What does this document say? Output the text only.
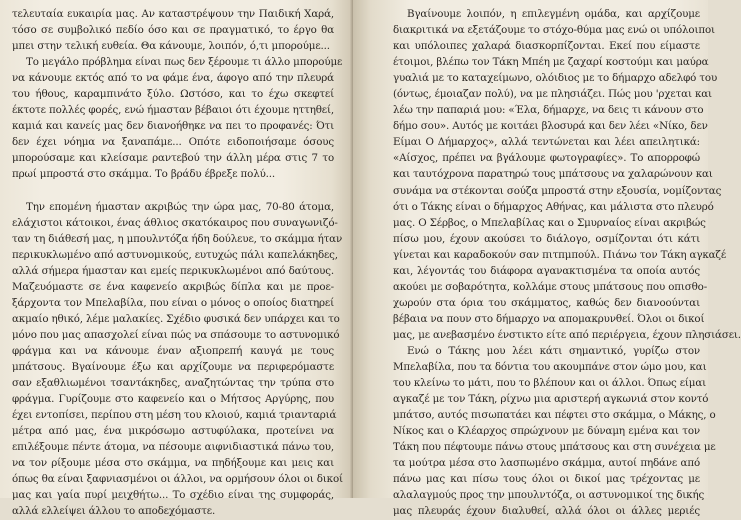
τελευταία ευκαιρία μας. Αν καταστρέψουν την Παιδική Χαρά,
τόσο σε συμβολικό πεδίο όσο και σε πραγματικό, το έργο θα
μπει στην τελική ευθεία. Θα κάνουμε, λοιπόν, ό,τι μπορούμε...
Το μεγάλο πρόβλημα είναι πως δεν ξέρουμε τι άλλο μπορούμε
να κάνουμε εκτός από το να φάμε ένα, άφογο από την πλευρά
του ήθους, καραμπινάτο ξύλο. Ωστόσο, και το έχω σκεφτεί
έκτοτε πολλές φορές, ενώ ήμασταν βέβαιοι ότι έχουμε ηττηθεί,
καμιά και κανείς μας δεν διανοήθηκε να πει το προφανές: Ότι
δεν έχει νόημα να ξαναπάμε... Οπότε ειδοποιήσαμε όσους
μπορούσαμε και κλείσαμε ραντεβού την άλλη μέρα στις 7 το
πρωί μπροστά στο σκάμμα. Το βράδυ έβρεξε πολύ...
Την επομένη ήμασταν ακριβώς την ώρα μας, 70-80 άτομα,
ελάχιστοι κάτοικοι, ένας άθλιος σκατόκαιρος που συναγωνιζό-
ταν τη διάθεσή μας, η μπουλντόζα ήδη δούλευε, το σκάμμα ήταν
περικυκλωμένο από αστυνομικούς, ευτυχώς πάλι καπελάκηδες,
αλλά σήμερα ήμασταν και εμείς περικυκλωμένοι από δαύτους.
Μαζευόμαστε σε ένα καφενείο ακριβώς δίπλα και με προε-
ξάρχοντα τον Μπελαβίλα, που είναι ο μόνος ο οποίος διατηρεί
ακμαίο ηθικό, λέμε μαλακίες. Σχέδιο φυσικά δεν υπάρχει και το
μόνο που μας απασχολεί είναι πώς να σπάσουμε το αστυνομικό
φράγμα και να κάνουμε έναν αξιοπρεπή καυγά με τους
μπάτσους. Βγαίνουμε έξω και αρχίζουμε να περιφερόμαστε
σαν εξαθλιωμένοι τσαντάκηδες, αναζητώντας την τρύπα στο
φράγμα. Γυρίζουμε στο καφενείο και ο Μήτσος Αργύρης, που
έχει εντοπίσει, περίπου στη μέση του κλοιού, καμιά τριανταριά
μέτρα από μας, ένα μικρόσωμο αστυφύλακα, προτείνει να
επιλέξουμε πέντε άτομα, να πέσουμε αιφνιδιαστικά πάνω του,
να τον ρίξουμε μέσα στο σκάμμα, να πηδήξουμε και μεις και
όπως θα είναι ξαφνιασμένοι οι άλλοι, να ορμήσουν όλοι οι δικοί
μας και γαία πυρί μειχθήτω... Το σχέδιο είναι της συμφοράς,
αλλά ελλείψει άλλου το αποδεχόμαστε.
Βγαίνουμε λοιπόν, η επιλεγμένη ομάδα, και αρχίζουμε
διακριτικά να εξετάζουμε το στόχο-θύμα μας ενώ οι υπόλοιποι
και υπόλοιπες χαλαρά διασκορπίζονται. Εκεί που είμαστε
έτοιμοι, βλέπω τον Τάκη Μπέη με ζαχαρί κοστούμι και μαύρα
γυαλιά με το καταχείμωνο, ολόιδιος με το δήμαρχο αδελφό του
(όντως, έμοιαζαν πολύ), να με πλησιάζει. Πώς μου 'ρχεται και
λέω την παπαριά μου: «Έλα, δήμαρχε, να δεις τι κάνουν στο
δήμο σου». Αυτός με κοιτάει βλοσυρά και δεν λέει «Νίκο, δεν
Είμαι Ο Δήμαρχος», αλλά τεντώνεται και λέει απειλητικά:
«Αίσχος, πρέπει να βγάλουμε φωτογραφίες». Το απορροφώ
και ταυτόχρονα παρατηρώ τους μπάτσους να χαλαρώνουν και
συνάμα να στέκονται σούζα μπροστά στην εξουσία, νομίζοντας
ότι ο Τάκης είναι ο δήμαρχος Αθήνας, και μάλιστα στο πλευρό
μας. Ο Σέρβος, ο Μπελαβίλας και ο Σμυρναίος είναι ακριβώς
πίσω μου, έχουν ακούσει το διάλογο, οσμίζονται ότι κάτι
γίνεται και καραδοκούν σαν πιτπμπούλ. Πιάνω τον Τάκη αγκαζέ
και, λέγοντάς του διάφορα αγανακτισμένα τα οποία αυτός
ακούει με σοβαρότητα, κολλάμε στους μπάτσους που οπισθο-
χωρούν στα όρια του σκάμματος, καθώς δεν διανοούνται
βέβαια να πουν στο δήμαρχο να απομακρυνθεί. Όλοι οι δικοί
μας, με ανεβασμένο ένστικτο είτε από περιέργεια, έχουν πλησιάσει.
Ενώ ο Τάκης μου λέει κάτι σημαντικό, γυρίζω στον
Μπελαβίλα, που τα δόντια του ακουμπάνε στον ώμο μου, και
του κλείνω το μάτι, που το βλέπουν και οι άλλοι. Όπως είμαι
αγκαζέ με τον Τάκη, ρίχνω μια αριστερή αγκωνιά στον κοντό
μπάτσο, αυτός πισωπατάει και πέφτει στο σκάμμα, ο Μάκης, ο
Νίκος και ο Κλέαρχος σπρώχνουν με δύναμη εμένα και τον
Τάκη που πέφτουμε πάνω στους μπάτσους και στη συνέχεια με
τα μούτρα μέσα στο λασπωμένο σκάμμα, αυτοί πηδάνε από
πάνω μας και πίσω τους όλοι οι δικοί μας τρέχοντας με
αλαλαγμούς προς την μπουλντόζα, οι αστυνομικοί της δικής
μας πλευράς έχουν διαλυθεί, αλλά όλοι οι άλλες μεριές
